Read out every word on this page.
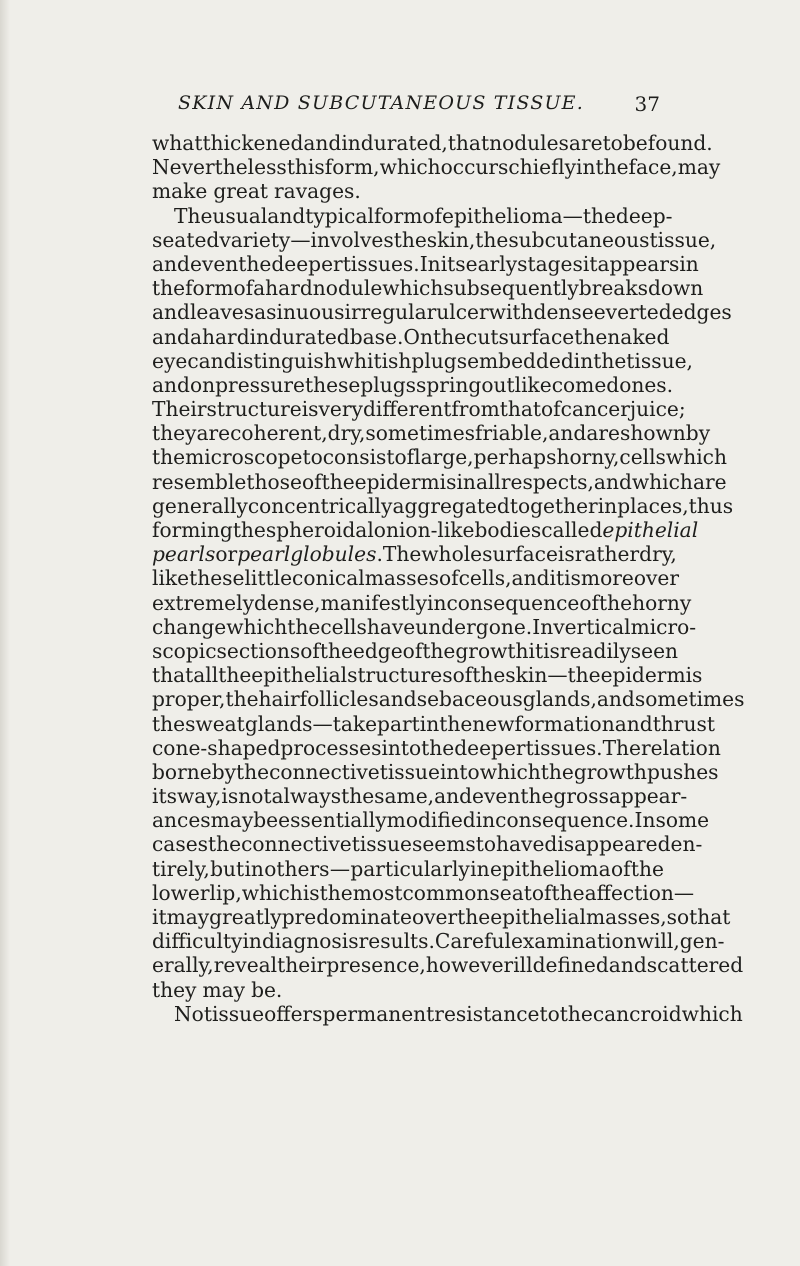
SKIN AND SUBCUTANEOUS TISSUE.	37
what thickened and indurated, that nodules are to be found.
Nevertheless this form, which occurs chiefly in the face, may
make great ravages.
The usual and typical form of epithelioma — the deep-
seated variety — involves the skin, the subcutaneous tissue,
and even the deeper tissues. In its early stages it appears in
the form of a hard nodule which subsequently breaks down
and leaves a sinuous irregular ulcer with dense everted edges
and a hard indurated base. On the cut surface the naked
eye can distinguish whitish plugs embedded in the tissue,
and on pressure these plugs spring out like comedones.
Their structure is very different from that of cancer juice ;
they are coherent, dry, sometimes friable, and are shown by
the microscope to consist of large, perhaps horny, cells which
resemble those of the epidermis in all respects, and which are
generally concentrically aggregated together in places, thus
forming the spheroidal onion-like bodies called epithelial
pearls or pearl globules. The whole surface is rather dry,
like these little conical masses of cells, and it is moreover
extremely dense, manifestly in consequence of the horny
change which the cells have undergone. In vertical micro-
scopic sections of the edge of the growth it is readily seen
that all the epithelial structures of the skin — the epidermis
proper, the hair follicles and sebaceous glands, and sometimes
the sweat glands — take part in the new formation and thrust
cone-shaped processes into the deeper tissues. The relation
borne by the connective tissue into which the growth pushes
its way, is not always the same, and even the gross appear-
ances may be essentially modified in consequence. In some
cases the connective tissue seems to have disappeared en-
tirely, but in others — particularly in epithelioma of the
lower lip, which is the most common seat of the affection —
it may greatly predominate over the epithelial masses, so that
difficulty in diagnosis results. Careful examination will, gen-
erally, reveal their presence, however ill defined and scattered
they may be.
No tissue offers permanent resistance to the cancroid which
